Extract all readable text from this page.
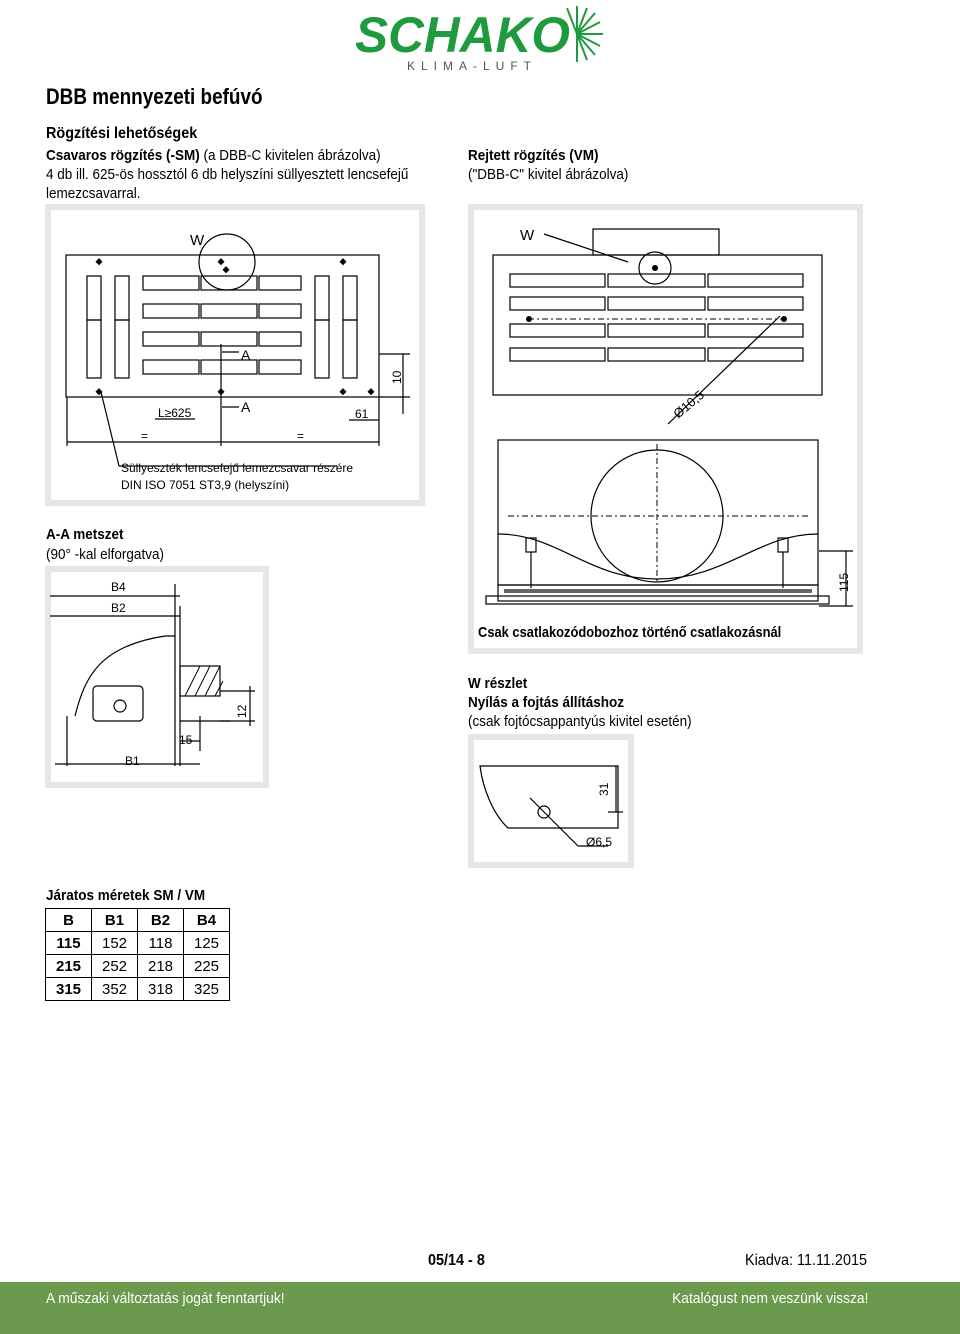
SCHAKO
KLIMA-LUFT
DBB mennyezeti befúvó
Rögzítési lehetőségek
Csavaros rögzítés (-SM) (a DBB-C kivitelen ábrázolva)
4 db ill. 625-ös hossztól 6 db helyszíni süllyesztett lencsefejű
lemezcsavarral.
Rejtett rögzítés (VM)
("DBB-C" kivitel ábrázolva)
W
A
A
L≥625	61
10
=	=
Süllyeszték lencsefejű lemezcsavar részére
DIN ISO 7051 ST3,9 (helyszíni)
W
Ø10,5
115
Csak csatlakozódobozhoz történő csatlakozásnál
A-A metszet
(90° -kal elforgatva)
B4
B2
B1
15
12
W részlet
Nyílás a fojtás állításhoz
(csak fojtócsappantyús kivitel esetén)
31
Ø6,5
Járatos méretek SM / VM
B	B1	B2	B4
115	152	118	125
215	252	218	225
315	352	318	325
05/14 - 8	Kiadva: 11.11.2015
A műszaki változtatás jogát fenntartjuk!	Katalógust nem veszünk vissza!
